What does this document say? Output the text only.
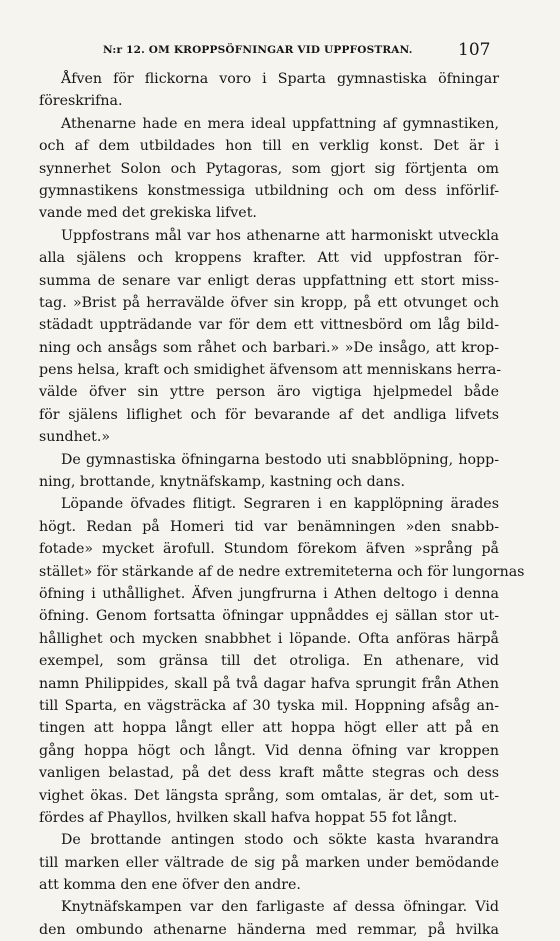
N:r 12. OM KROPPSÖFNINGAR VID UPPFOSTRAN.	107
Åfven för flickorna voro i Sparta gymnastiska öfningar
föreskrifna.
Athenarne hade en mera ideal uppfattning af gymnastiken,
och af dem utbildades hon till en verklig konst. Det är i
synnerhet Solon och Pytagoras, som gjort sig förtjenta om
gymnastikens konstmessiga utbildning och om dess införlif-
vande med det grekiska lifvet.
Uppfostrans mål var hos athenarne att harmoniskt utveckla
alla själens och kroppens krafter. Att vid uppfostran för-
summa de senare var enligt deras uppfattning ett stort miss-
tag. »Brist på herravälde öfver sin kropp, på ett otvunget och
städadt uppträdande var för dem ett vittnesbörd om låg bild-
ning och ansågs som råhet och barbari.» »De insågo, att krop-
pens helsa, kraft och smidighet äfvensom att menniskans herra-
välde öfver sin yttre person äro vigtiga hjelpmedel både
för själens liflighet och för bevarande af det andliga lifvets
sundhet.»
De gymnastiska öfningarna bestodo uti snabblöpning, hopp-
ning, brottande, knytnäfskamp, kastning och dans.
Löpande öfvades flitigt. Segraren i en kapplöpning ärades
högt. Redan på Homeri tid var benämningen »den snabb-
fotade» mycket ärofull. Stundom förekom äfven »språng på
stället» för stärkande af de nedre extremiteterna och för lungornas
öfning i uthållighet. Äfven jungfrurna i Athen deltogo i denna
öfning. Genom fortsatta öfningar uppnåddes ej sällan stor ut-
hållighet och mycken snabbhet i löpande. Ofta anföras härpå
exempel, som gränsa till det otroliga. En athenare, vid
namn Philippides, skall på två dagar hafva sprungit från Athen
till Sparta, en vägsträcka af 30 tyska mil. Hoppning afsåg an-
tingen att hoppa långt eller att hoppa högt eller att på en
gång hoppa högt och långt. Vid denna öfning var kroppen
vanligen belastad, på det dess kraft måtte stegras och dess
vighet ökas. Det längsta språng, som omtalas, är det, som ut-
fördes af Phayllos, hvilken skall hafva hoppat 55 fot långt.
De brottande antingen stodo och sökte kasta hvarandra
till marken eller vältrade de sig på marken under bemödande
att komma den ene öfver den andre.
Knytnäfskampen var den farligaste af dessa öfningar. Vid
den ombundo athenarne händerna med remmar, på hvilka
